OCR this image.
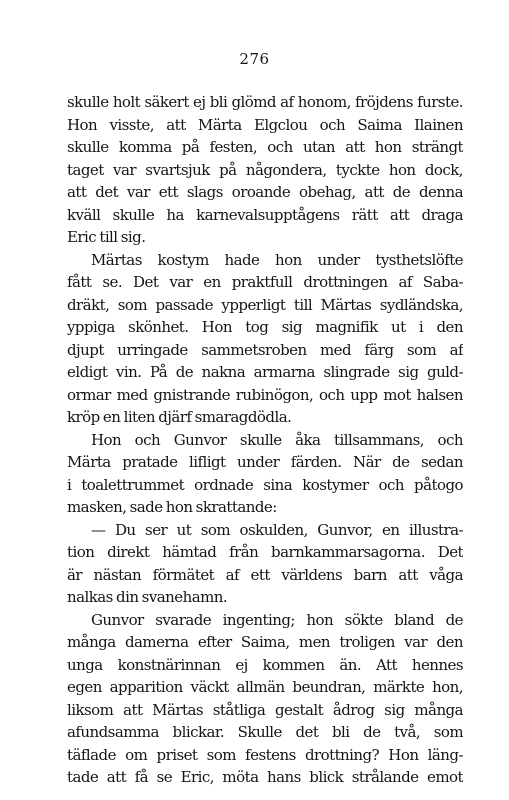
276
skulle holt säkert ej bli glömd af honom, fröjdens furste.
Hon visste, att Märta Elgclou och Saima Ilainen
skulle komma på festen, och utan att hon strängt
taget var svartsjuk på någondera, tyckte hon dock,
att det var ett slags oroande obehag, att de denna
kväll skulle ha karnevalsupptågens rätt att draga
Eric till sig.
Märtas kostym hade hon under tysthetslöfte
fått se. Det var en praktfull drottningen af Saba-
dräkt, som passade ypperligt till Märtas sydländska,
yppiga skönhet. Hon tog sig magnifik ut i den
djupt urringade sammetsroben med färg som af
eldigt vin. På de nakna armarna slingrade sig guld-
ormar med gnistrande rubinögon, och upp mot halsen
kröp en liten djärf smaragdödla.
Hon och Gunvor skulle åka tillsammans, och
Märta pratade lifligt under färden. När de sedan
i toalettrummet ordnade sina kostymer och påtogo
masken, sade hon skrattande:
— Du ser ut som oskulden, Gunvor, en illustra-
tion direkt hämtad från barnkammarsagorna. Det
är nästan förmätet af ett världens barn att våga
nalkas din svanehamn.
Gunvor svarade ingenting; hon sökte bland de
många damerna efter Saima, men troligen var den
unga konstnärinnan ej kommen än. Att hennes
egen apparition väckt allmän beundran, märkte hon,
liksom att Märtas ståtliga gestalt ådrog sig många
afundsamma blickar. Skulle det bli de två, som
täflade om priset som festens drottning? Hon läng-
tade att få se Eric, möta hans blick strålande emot
